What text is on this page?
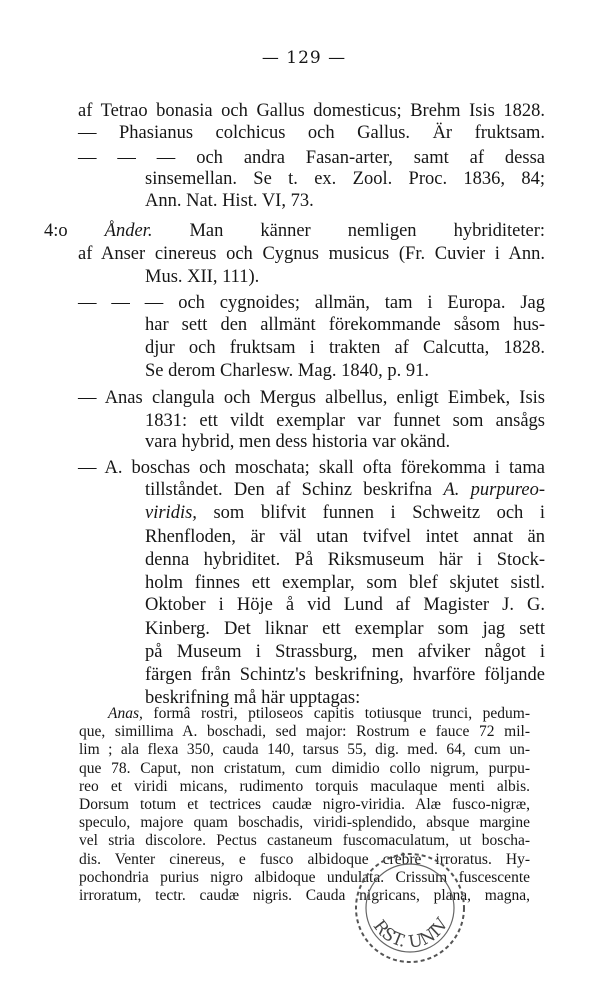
— 129 —
af Tetrao bonasia och Gallus domesticus; Brehm Isis 1828.
— Phasianus colchicus och Gallus. Är fruktsam.
— — — och andra Fasan-arter, samt af dessa
sinsemellan. Se t. ex. Zool. Proc. 1836, 84;
Ann. Nat. Hist. VI, 73.
4:o Ånder. Man känner nemligen hybriditeter:
af Anser cinereus och Cygnus musicus (Fr. Cuvier i Ann.
Mus. XII, 111).
— — — och cygnoides; allmän, tam i Europa. Jag
har sett den allmänt förekommande såsom hus-
djur och fruktsam i trakten af Calcutta, 1828.
Se derom Charlesw. Mag. 1840, p. 91.
— Anas clangula och Mergus albellus, enligt Eimbek, Isis
1831: ett vildt exemplar var funnet som ansågs
vara hybrid, men dess historia var okänd.
— A. boschas och moschata; skall ofta förekomma i tama
tillståndet. Den af Schinz beskrifna A. purpureo-
viridis, som blifvit funnen i Schweitz och i
Rhenfloden, är väl utan tvifvel intet annat än
denna hybriditet. På Riksmuseum här i Stock-
holm finnes ett exemplar, som blef skjutet sistl.
Oktober i Höje å vid Lund af Magister J. G.
Kinberg. Det liknar ett exemplar som jag sett
på Museum i Strassburg, men afviker något i
färgen från Schintz's beskrifning, hvarföre följande
beskrifning må här upptagas:
Anas, formâ rostri, ptiloseos capitis totiusque trunci, pedum-
que, simillima A. boschadi, sed major: Rostrum e fauce 72 mil-
lim ; ala flexa 350, cauda 140, tarsus 55, dig. med. 64, cum un-
que 78. Caput, non cristatum, cum dimidio collo nigrum, purpu-
reo et viridi micans, rudimento torquis maculaque menti albis.
Dorsum totum et tectrices caudæ nigro-viridia. Alæ fusco-nigræ,
speculo, majore quam boschadis, viridi-splendido, absque margine
vel stria discolore. Pectus castaneum fuscomaculatum, ut boscha-
dis. Venter cinereus, e fusco albidoque crebre irroratus. Hy-
pochondria purius nigro albidoque undulata. Crissum fuscescente
irroratum, tectr. caudæ nigris. Cauda nigricans, plana, magna,
RST. UNIV
